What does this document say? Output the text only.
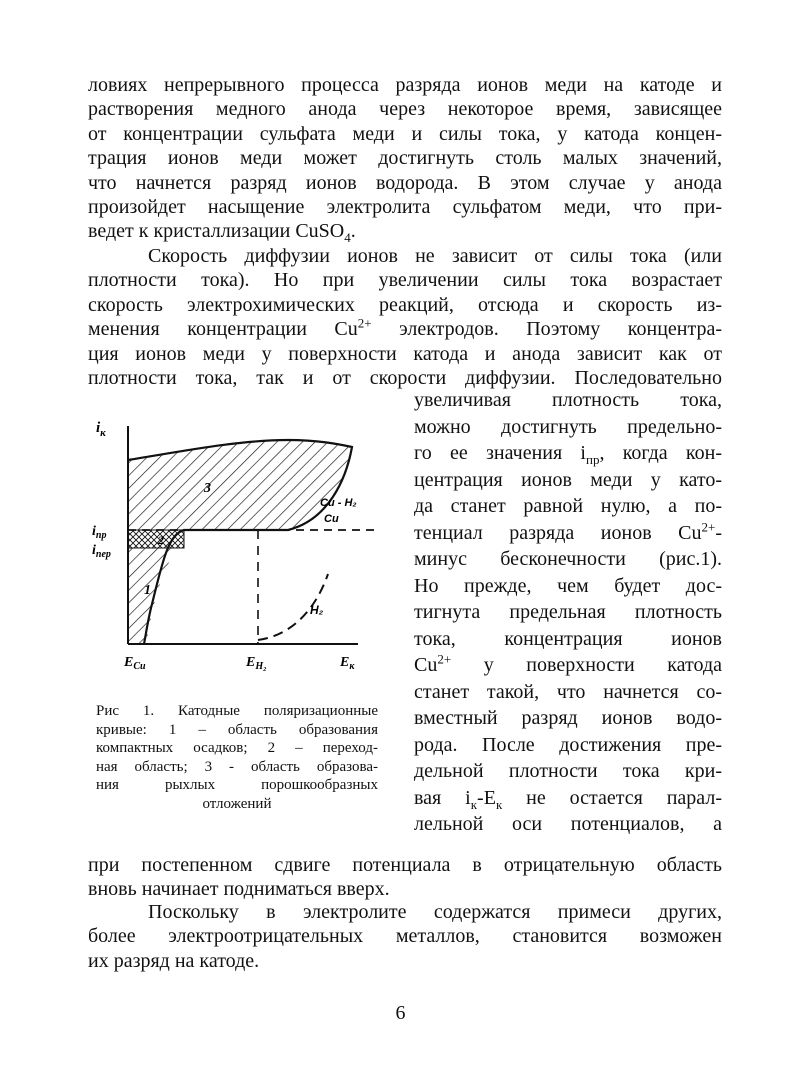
ловиях непрерывного процесса разряда ионов меди на катоде и
растворения медного анода через некоторое время, зависящее
от концентрации сульфата меди и силы тока, у катода концен-
трация ионов меди может достигнуть столь малых значений,
что начнется разряд ионов водорода. В этом случае у анода
произойдет насыщение электролита сульфатом меди, что при-
ведет к кристаллизации CuSO$_4$.
Скорость диффузии ионов не зависит от силы тока (или
плотности тока). Но при увеличении силы тока возрастает
скорость электрохимических реакций, отсюда и скорость из-
менения концентрации $Cu^{2+}$ электродов. Поэтому концентра-
ция ионов меди у поверхности катода и анода зависит как от
плотности тока, так и от скорости диффузии. Последовательно
$i_к$
$i_{пр}$
$i_{пер}$
$E_{Cu}$	$E_{H_2}$	$E_к$
3
2
1
Cu - H₂
Cu
H₂
Рис 1. Катодные поляризационные
кривые: 1 – область образования
компактных осадков; 2 – переход-
ная область; 3 - область образова-
ния рыхлых порошкообразных
отложений
увеличивая плотность тока,
можно достигнуть предельно-
го ее значения $i_{пр}$, когда кон-
центрация ионов меди у като-
да станет равной нулю, а по-
тенциал разряда ионов $Cu^{2+}-$
минус бесконечности (рис.1).
Но прежде, чем будет дос-
тигнута предельная плотность
тока, концентрация ионов
$Cu^{2+}$ у поверхности катода
станет такой, что начнется со-
вместный разряд ионов водо-
рода. После достижения пре-
дельной плотности тока кри-
вая $i_к-E_к$ не остается парал-
лельной оси потенциалов, а
при постепенном сдвиге потенциала в отрицательную область
вновь начинает подниматься вверх.
Поскольку в электролите содержатся примеси других,
более электроотрицательных металлов, становится возможен
их разряд на катоде.
6
